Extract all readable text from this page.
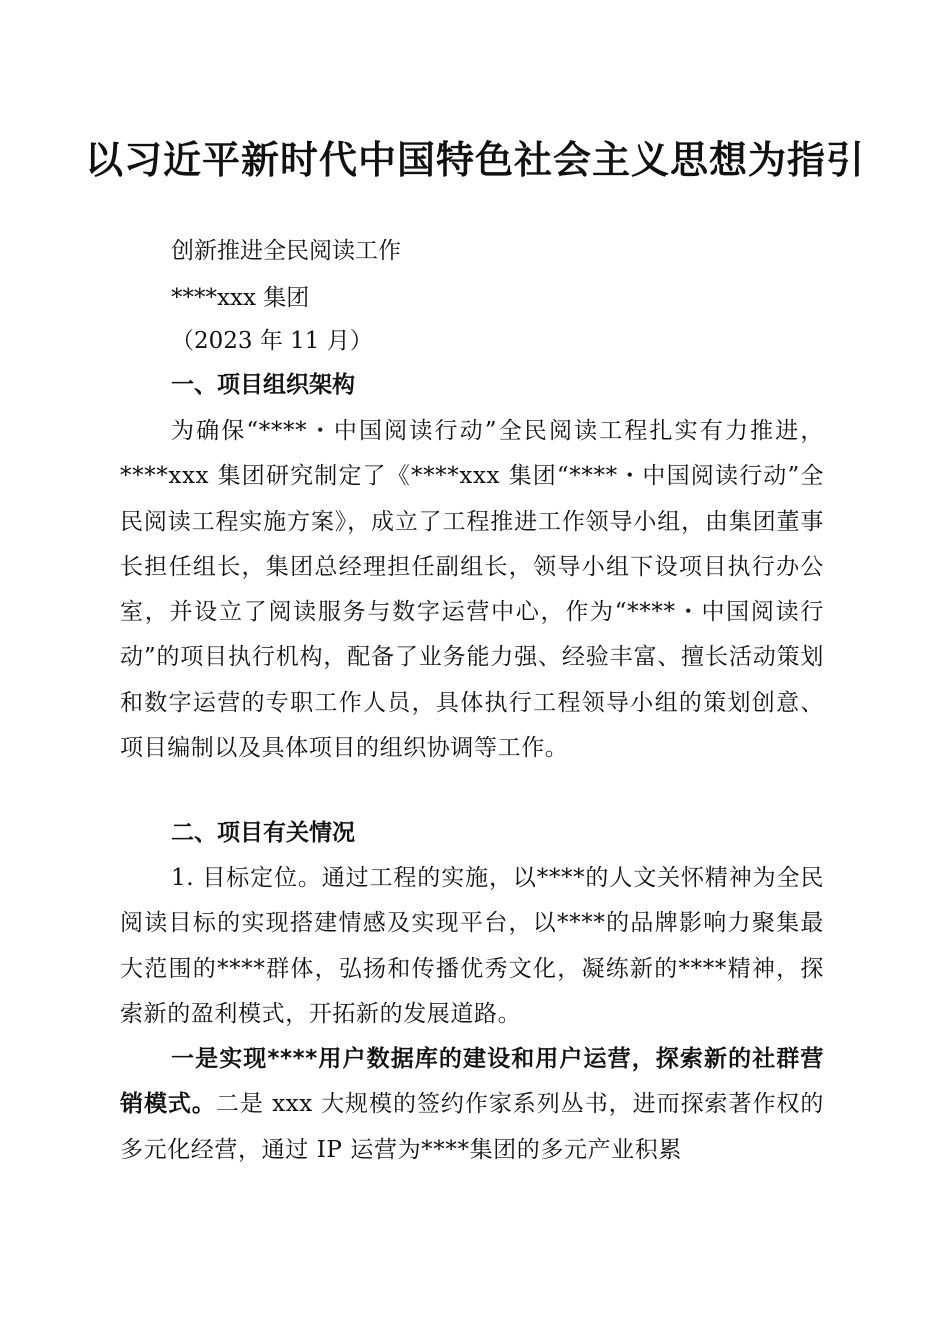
以习近平新时代中国特色社会主义思想为指引

创新推进全民阅读工作

****xxx 集团

（2023 年 11 月）

一、项目组织架构

为确保“****・中国阅读行动”全民阅读工程扎实有力推进，****xxx 集团研究制定了《****xxx 集团“****・中国阅读行动”全民阅读工程实施方案》，成立了工程推进工作领导小组，由集团董事长担任组长，集团总经理担任副组长，领导小组下设项目执行办公室，并设立了阅读服务与数字运营中心，作为“****・中国阅读行动”的项目执行机构，配备了业务能力强、经验丰富、擅长活动策划和数字运营的专职工作人员，具体执行工程领导小组的策划创意、项目编制以及具体项目的组织协调等工作。

二、项目有关情况

1. 目标定位。通过工程的实施，以****的人文关怀精神为全民阅读目标的实现搭建情感及实现平台，以****的品牌影响力聚集最大范围的****群体，弘扬和传播优秀文化，凝练新的****精神，探索新的盈利模式，开拓新的发展道路。

一是实现****用户数据库的建设和用户运营，探索新的社群营销模式。二是 xxx 大规模的签约作家系列丛书，进而探索著作权的多元化经营，通过 IP 运营为****集团的多元产业积累
